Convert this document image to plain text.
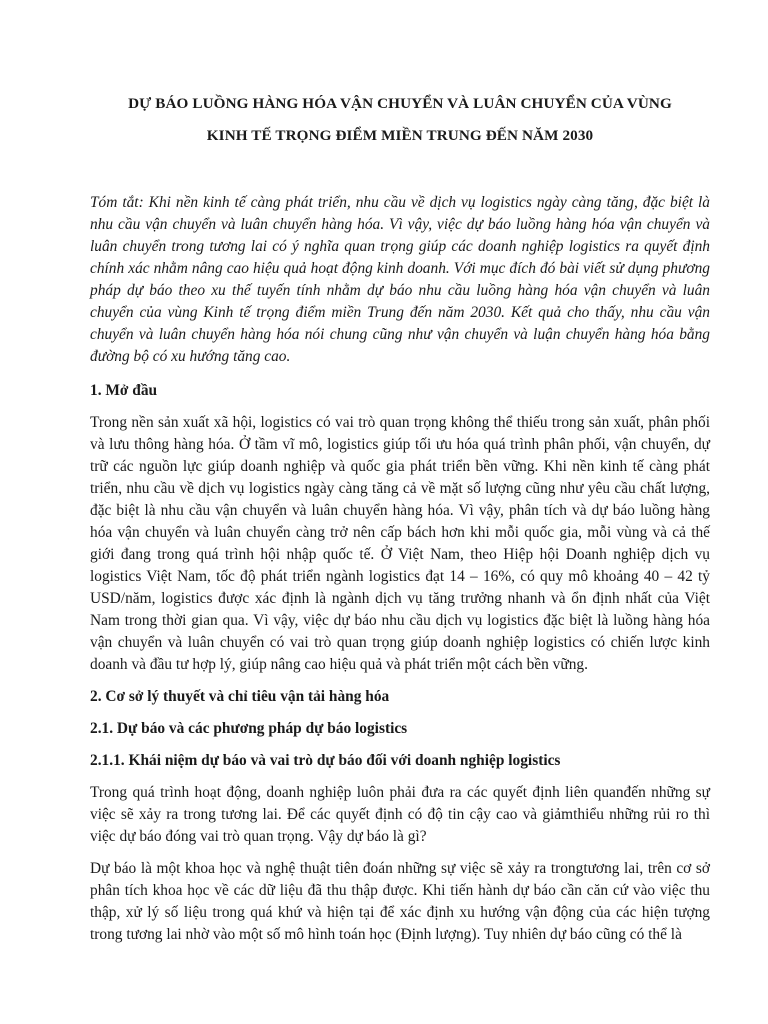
DỰ BÁO LUỒNG HÀNG HÓA VẬN CHUYỂN VÀ LUÂN CHUYỂN CỦA VÙNG
KINH TẾ TRỌNG ĐIỂM MIỀN TRUNG ĐẾN NĂM 2030

Tóm tắt: Khi nền kinh tế càng phát triển, nhu cầu về dịch vụ logistics ngày càng tăng, đặc biệt là nhu cầu vận chuyển và luân chuyển hàng hóa. Vì vậy, việc dự báo luồng hàng hóa vận chuyển và luân chuyển trong tương lai có ý nghĩa quan trọng giúp các doanh nghiệp logistics ra quyết định chính xác nhằm nâng cao hiệu quả hoạt động kinh doanh. Với mục đích đó bài viết sử dụng phương pháp dự báo theo xu thế tuyến tính nhằm dự báo nhu cầu luồng hàng hóa vận chuyển và luân chuyển của vùng Kinh tế trọng điểm miền Trung đến năm 2030. Kết quả cho thấy, nhu cầu vận chuyển và luân chuyển hàng hóa nói chung cũng như vận chuyển và luận chuyển hàng hóa bằng đường bộ có xu hướng tăng cao.

1. Mở đầu

Trong nền sản xuất xã hội, logistics có vai trò quan trọng không thể thiếu trong sản xuất, phân phối và lưu thông hàng hóa. Ở tầm vĩ mô, logistics giúp tối ưu hóa quá trình phân phối, vận chuyển, dự trữ các nguồn lực giúp doanh nghiệp và quốc gia phát triển bền vững. Khi nền kinh tế càng phát triển, nhu cầu về dịch vụ logistics ngày càng tăng cả về mặt số lượng cũng như yêu cầu chất lượng, đặc biệt là nhu cầu vận chuyển và luân chuyển hàng hóa. Vì vậy, phân tích và dự báo luồng hàng hóa vận chuyển và luân chuyển càng trở nên cấp bách hơn khi mỗi quốc gia, mỗi vùng và cả thế giới đang trong quá trình hội nhập quốc tế. Ở Việt Nam, theo Hiệp hội Doanh nghiệp dịch vụ logistics Việt Nam, tốc độ phát triển ngành logistics đạt 14 – 16%, có quy mô khoảng 40 – 42 tỷ USD/năm, logistics được xác định là ngành dịch vụ tăng trưởng nhanh và ổn định nhất của Việt Nam trong thời gian qua. Vì vậy, việc dự báo nhu cầu dịch vụ logistics đặc biệt là luồng hàng hóa vận chuyển và luân chuyển có vai trò quan trọng giúp doanh nghiệp logistics có chiến lược kinh doanh và đầu tư hợp lý, giúp nâng cao hiệu quả và phát triển một cách bền vững.

2. Cơ sở lý thuyết và chỉ tiêu vận tải hàng hóa
2.1. Dự báo và các phương pháp dự báo logistics
2.1.1. Khái niệm dự báo và vai trò dự báo đối với doanh nghiệp logistics

Trong quá trình hoạt động, doanh nghiệp luôn phải đưa ra các quyết định liên quanđến những sự việc sẽ xảy ra trong tương lai. Để các quyết định có độ tin cậy cao và giảmthiểu những rủi ro thì việc dự báo đóng vai trò quan trọng. Vậy dự báo là gì?

Dự báo là một khoa học và nghệ thuật tiên đoán những sự việc sẽ xảy ra trongtương lai, trên cơ sở phân tích khoa học về các dữ liệu đã thu thập được. Khi tiến hành dự báo cần căn cứ vào việc thu thập, xử lý số liệu trong quá khứ và hiện tại để xác định xu hướng vận động của các hiện tượng trong tương lai nhờ vào một số mô hình toán học (Định lượng). Tuy nhiên dự báo cũng có thể là
